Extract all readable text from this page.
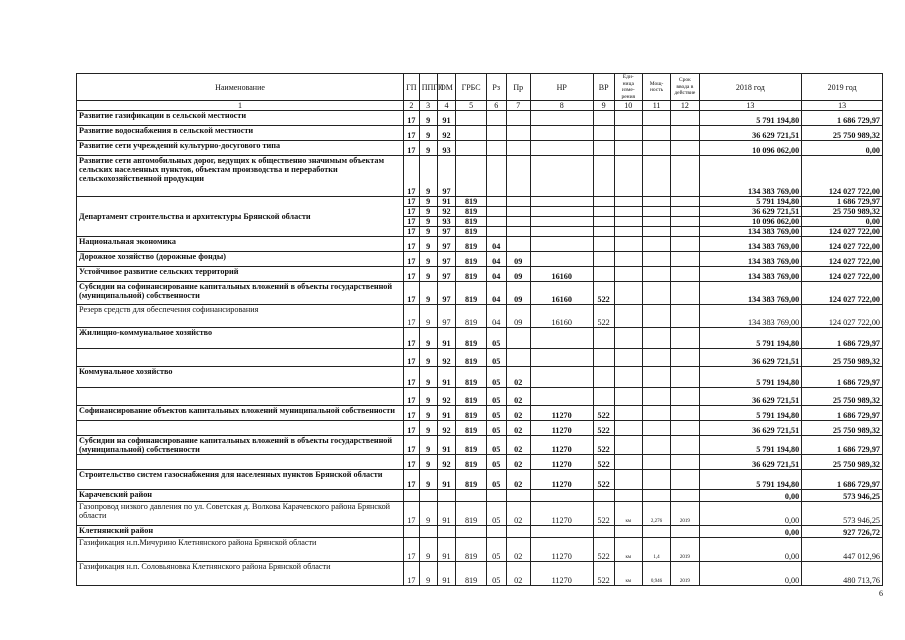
Наименование	ГП	ППГП	ОМ	ГРБС	Рз	Пр	НР	ВР	Еди- ница изме- рения	Мощ- ность	Срок ввода в действие	2018 год	2019 год
1	2	3	4	5	6	7	8	9	10	11	12	13	13
Развитие газификации в сельской местности	17	9	91									5 791 194,80	1 686 729,97
Развитие водоснабжения в сельской местности	17	9	92									36 629 721,51	25 750 989,32
Развитие сети учреждений культурно-досугового типа	17	9	93									10 096 062,00	0,00
Развитие сети автомобильных дорог, ведущих к общественно значимым объектам сельских населенных пунктов, объектам производства и переработки сельскохозяйственной продукции	17	9	97									134 383 769,00	124 027 722,00
Департамент строительства и архитектуры Брянской области	17	9	91	819								5 791 194,80	1 686 729,97
	17	9	92	819								36 629 721,51	25 750 989,32
	17	9	93	819								10 096 062,00	0,00
	17	9	97	819								134 383 769,00	124 027 722,00
Национальная экономика	17	9	97	819	04							134 383 769,00	124 027 722,00
Дорожное хозяйство (дорожные фонды)	17	9	97	819	04	09						134 383 769,00	124 027 722,00
Устойчивое развитие сельских территорий	17	9	97	819	04	09	16160					134 383 769,00	124 027 722,00
Субсидии на софинансирование капитальных вложений в объекты государственной (муниципальной) собственности	17	9	97	819	04	09	16160	522				134 383 769,00	124 027 722,00
Резерв средств для обеспечения софинансирования	17	9	97	819	04	09	16160	522				134 383 769,00	124 027 722,00
Жилищно-коммунальное хозяйство	17	9	91	819	05							5 791 194,80	1 686 729,97
	17	9	92	819	05							36 629 721,51	25 750 989,32
Коммунальное хозяйство	17	9	91	819	05	02						5 791 194,80	1 686 729,97
	17	9	92	819	05	02						36 629 721,51	25 750 989,32
Софинансирование объектов капитальных вложений муниципальной собственности	17	9	91	819	05	02	11270	522				5 791 194,80	1 686 729,97
	17	9	92	819	05	02	11270	522				36 629 721,51	25 750 989,32
Субсидии на софинансирование капитальных вложений в объекты государственной (муниципальной) собственности	17	9	91	819	05	02	11270	522				5 791 194,80	1 686 729,97
	17	9	92	819	05	02	11270	522				36 629 721,51	25 750 989,32
Строительство систем газоснабжения для населенных пунктов Брянской области	17	9	91	819	05	02	11270	522				5 791 194,80	1 686 729,97
Карачевский район												0,00	573 946,25
Газопровод низкого давления по ул. Советская д. Волкова Карачевского района Брянской области	17	9	91	819	05	02	11270	522	км	2,276	2019	0,00	573 946,25
Клетнянский район												0,00	927 726,72
Газификация н.п.Мичурино Клетнянского района Брянской области	17	9	91	819	05	02	11270	522	км	1,4	2019	0,00	447 012,96
Газификация н.п. Соловьяновка Клетнянского района Брянской области	17	9	91	819	05	02	11270	522	км	0,946	2019	0,00	480 713,76
6
